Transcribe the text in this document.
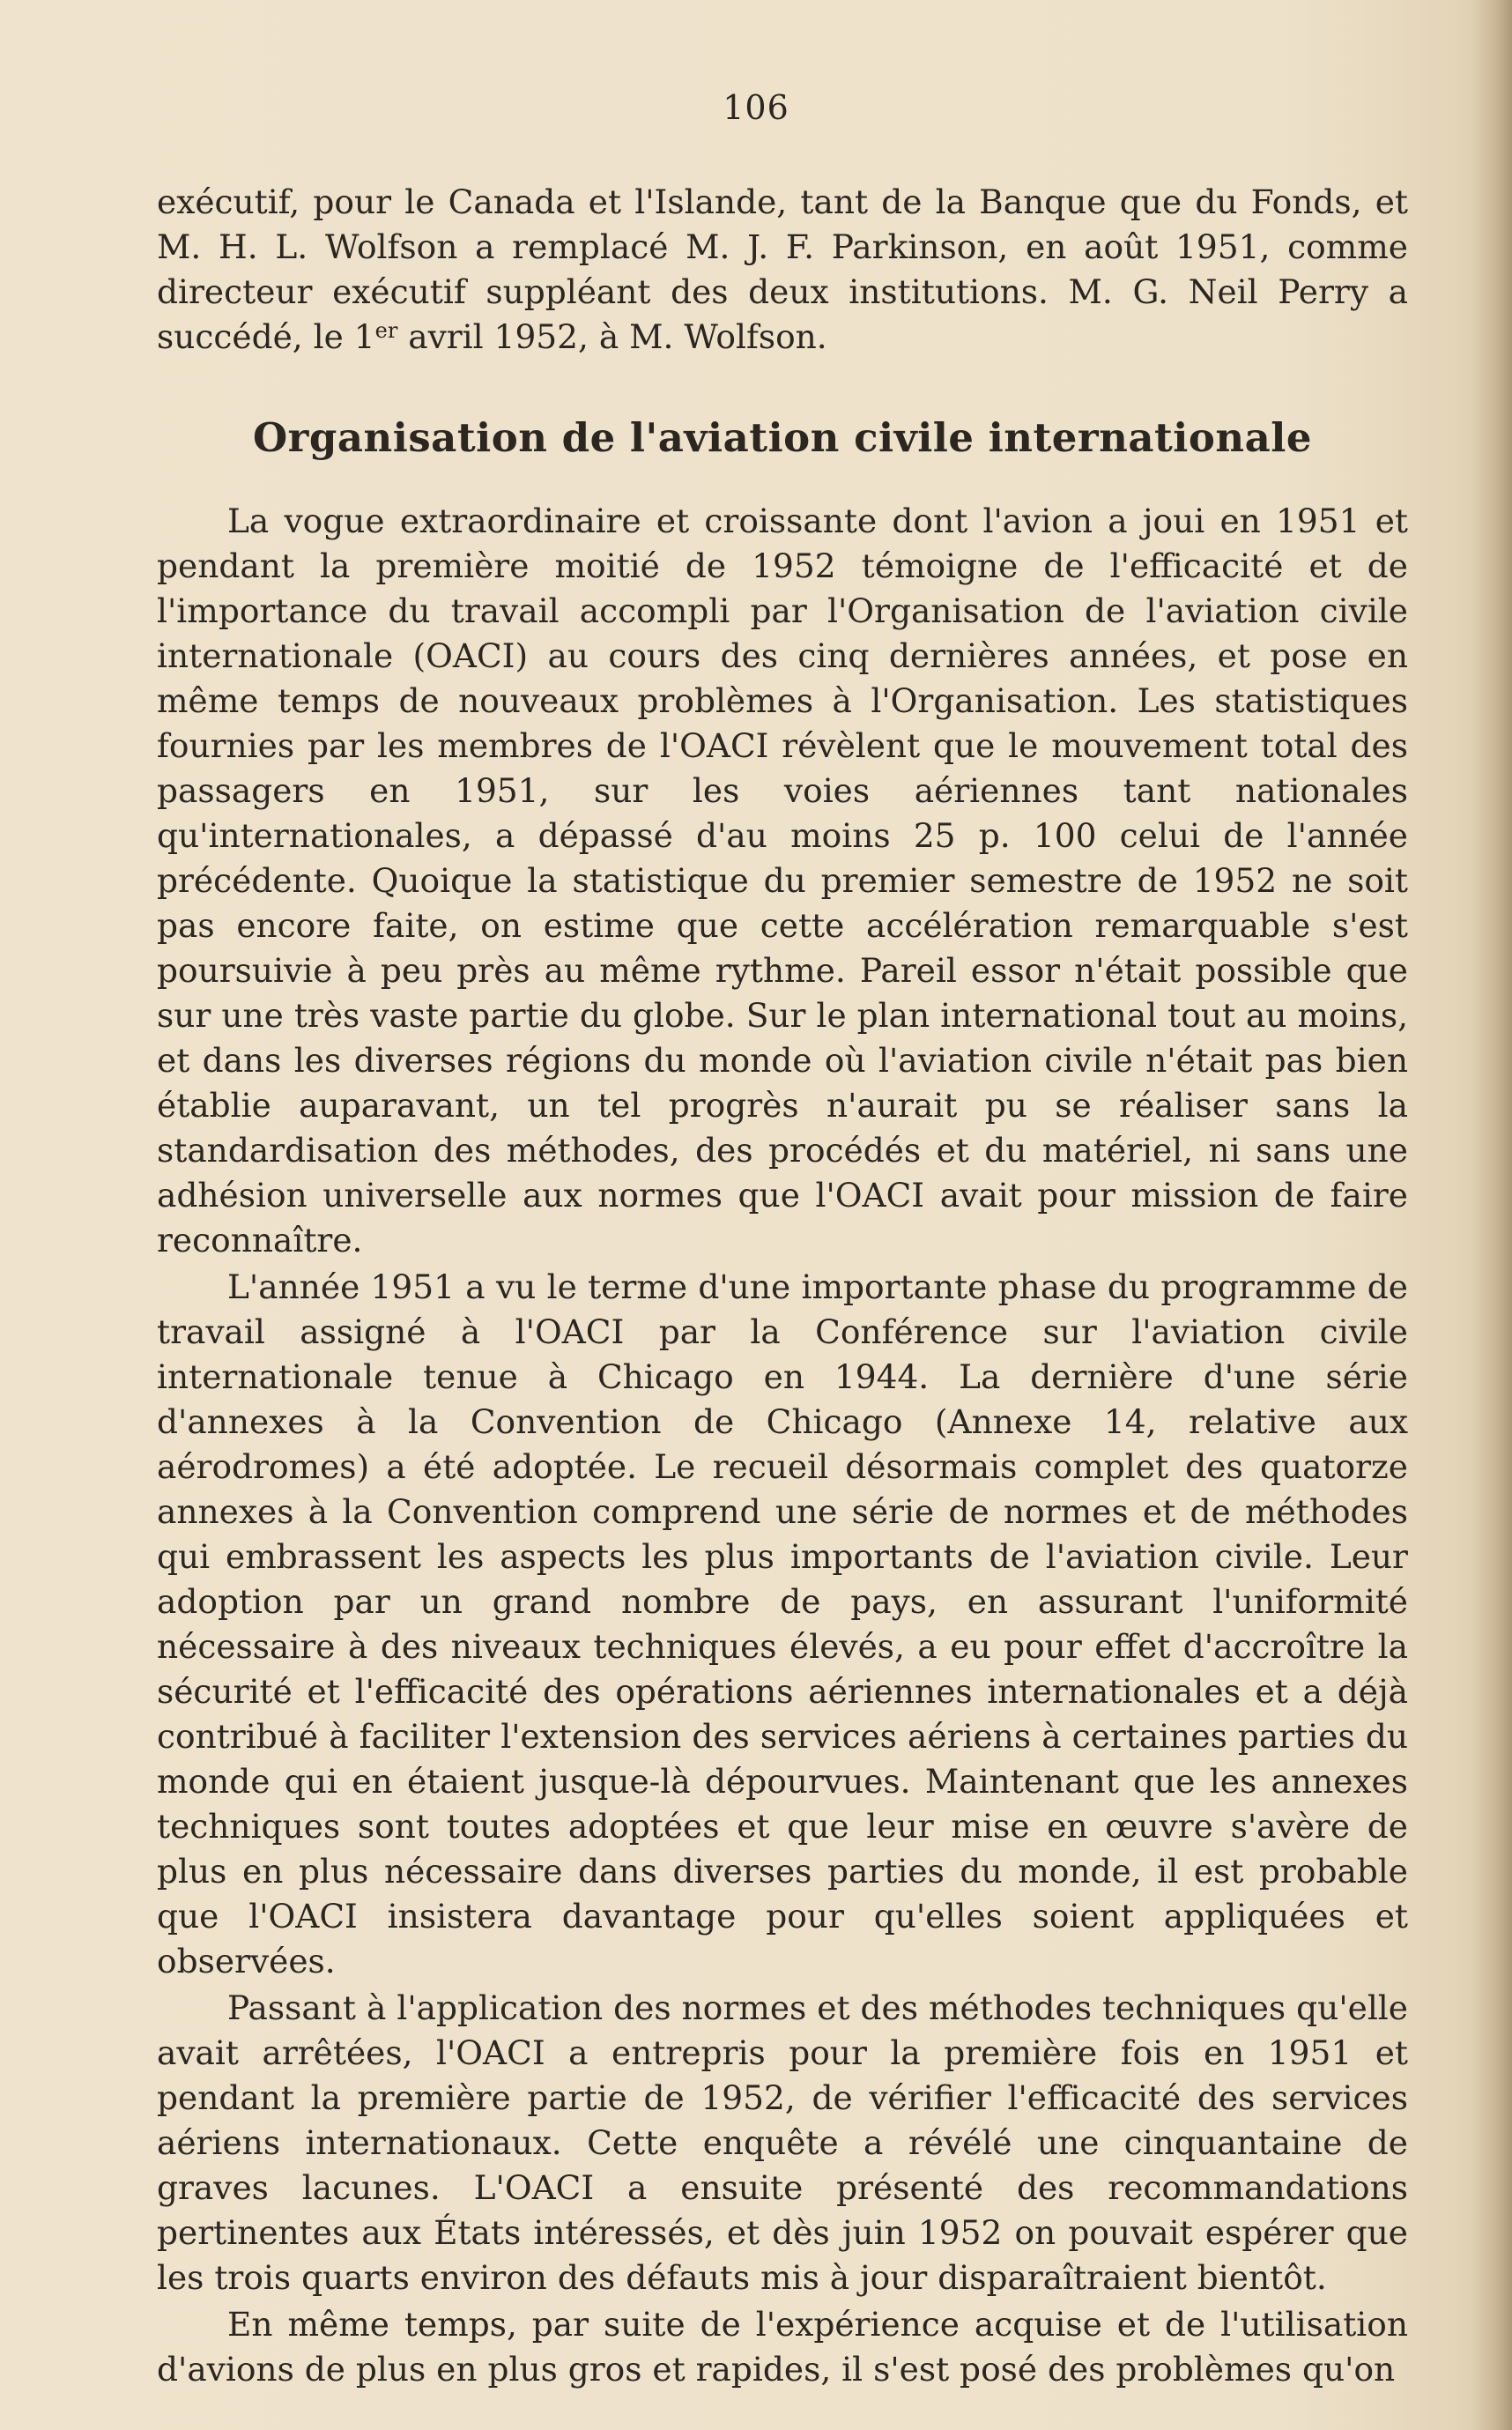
106

exécutif, pour le Canada et l'Islande, tant de la Banque que du Fonds, et M. H. L. Wolfson a remplacé M. J. F. Parkinson, en août 1951, comme directeur exécutif suppléant des deux institutions. M. G. Neil Perry a succédé, le 1er avril 1952, à M. Wolfson.

Organisation de l'aviation civile internationale

La vogue extraordinaire et croissante dont l'avion a joui en 1951 et pendant la première moitié de 1952 témoigne de l'efficacité et de l'importance du travail accompli par l'Organisation de l'aviation civile internationale (OACI) au cours des cinq dernières années, et pose en même temps de nouveaux problèmes à l'Organisation. Les statistiques fournies par les membres de l'OACI révèlent que le mouvement total des passagers en 1951, sur les voies aériennes tant nationales qu'internationales, a dépassé d'au moins 25 p. 100 celui de l'année précédente. Quoique la statistique du premier semestre de 1952 ne soit pas encore faite, on estime que cette accélération remarquable s'est poursuivie à peu près au même rythme. Pareil essor n'était possible que sur une très vaste partie du globe. Sur le plan international tout au moins, et dans les diverses régions du monde où l'aviation civile n'était pas bien établie auparavant, un tel progrès n'aurait pu se réaliser sans la standardisation des méthodes, des procédés et du matériel, ni sans une adhésion universelle aux normes que l'OACI avait pour mission de faire reconnaître.

L'année 1951 a vu le terme d'une importante phase du programme de travail assigné à l'OACI par la Conférence sur l'aviation civile internationale tenue à Chicago en 1944. La dernière d'une série d'annexes à la Convention de Chicago (Annexe 14, relative aux aérodromes) a été adoptée. Le recueil désormais complet des quatorze annexes à la Convention comprend une série de normes et de méthodes qui embrassent les aspects les plus importants de l'aviation civile. Leur adoption par un grand nombre de pays, en assurant l'uniformité nécessaire à des niveaux techniques élevés, a eu pour effet d'accroître la sécurité et l'efficacité des opérations aériennes internationales et a déjà contribué à faciliter l'extension des services aériens à certaines parties du monde qui en étaient jusque-là dépourvues. Maintenant que les annexes techniques sont toutes adoptées et que leur mise en œuvre s'avère de plus en plus nécessaire dans diverses parties du monde, il est probable que l'OACI insistera davantage pour qu'elles soient appliquées et observées.

Passant à l'application des normes et des méthodes techniques qu'elle avait arrêtées, l'OACI a entrepris pour la première fois en 1951 et pendant la première partie de 1952, de vérifier l'efficacité des services aériens internationaux. Cette enquête a révélé une cinquantaine de graves lacunes. L'OACI a ensuite présenté des recommandations pertinentes aux États intéressés, et dès juin 1952 on pouvait espérer que les trois quarts environ des défauts mis à jour disparaîtraient bientôt.

En même temps, par suite de l'expérience acquise et de l'utilisation d'avions de plus en plus gros et rapides, il s'est posé des problèmes qu'on
